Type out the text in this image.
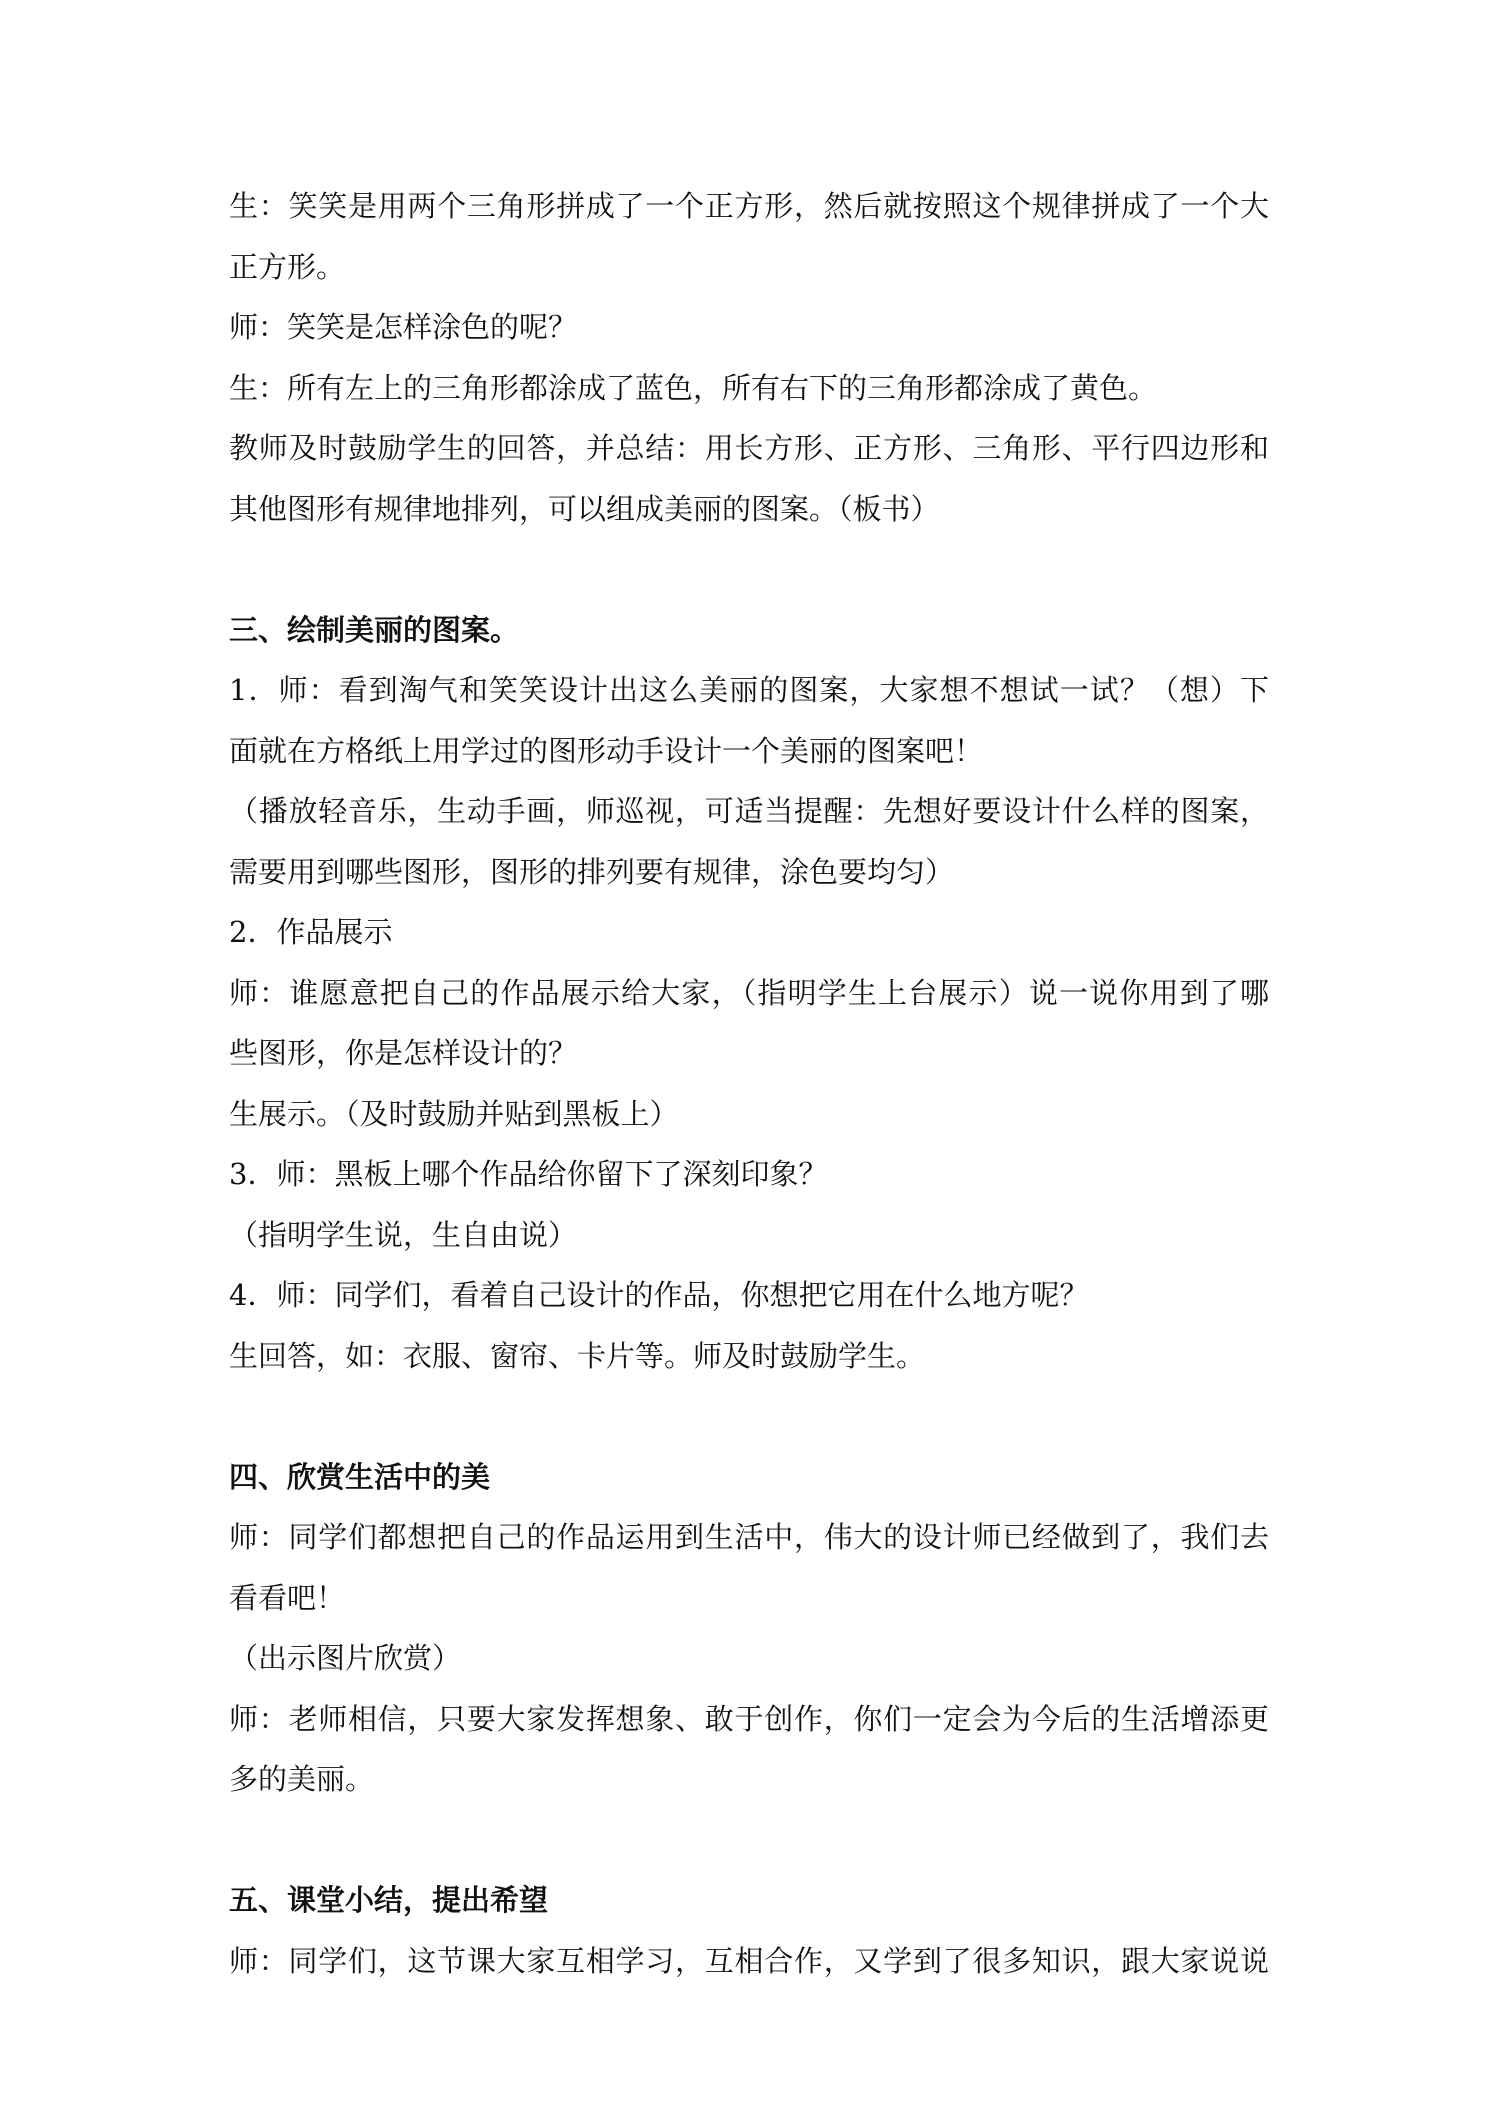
生：笑笑是用两个三角形拼成了一个正方形，然后就按照这个规律拼成了一个大
正方形。
师：笑笑是怎样涂色的呢？
生：所有左上的三角形都涂成了蓝色，所有右下的三角形都涂成了黄色。
教师及时鼓励学生的回答，并总结：用长方形、正方形、三角形、平行四边形和
其他图形有规律地排列，可以组成美丽的图案。（板书）
三、绘制美丽的图案。
1．师：看到淘气和笑笑设计出这么美丽的图案，大家想不想试一试？（想）下
面就在方格纸上用学过的图形动手设计一个美丽的图案吧！
（播放轻音乐，生动手画，师巡视，可适当提醒：先想好要设计什么样的图案，
需要用到哪些图形，图形的排列要有规律，涂色要均匀）
2．作品展示
师：谁愿意把自己的作品展示给大家，（指明学生上台展示）说一说你用到了哪
些图形，你是怎样设计的？
生展示。（及时鼓励并贴到黑板上）
3．师：黑板上哪个作品给你留下了深刻印象？
（指明学生说，生自由说）
4．师：同学们，看着自己设计的作品，你想把它用在什么地方呢？
生回答，如：衣服、窗帘、卡片等。师及时鼓励学生。
四、欣赏生活中的美
师：同学们都想把自己的作品运用到生活中，伟大的设计师已经做到了，我们去
看看吧！
（出示图片欣赏）
师：老师相信，只要大家发挥想象、敢于创作，你们一定会为今后的生活增添更
多的美丽。
五、课堂小结，提出希望
师：同学们，这节课大家互相学习，互相合作，又学到了很多知识，跟大家说说
